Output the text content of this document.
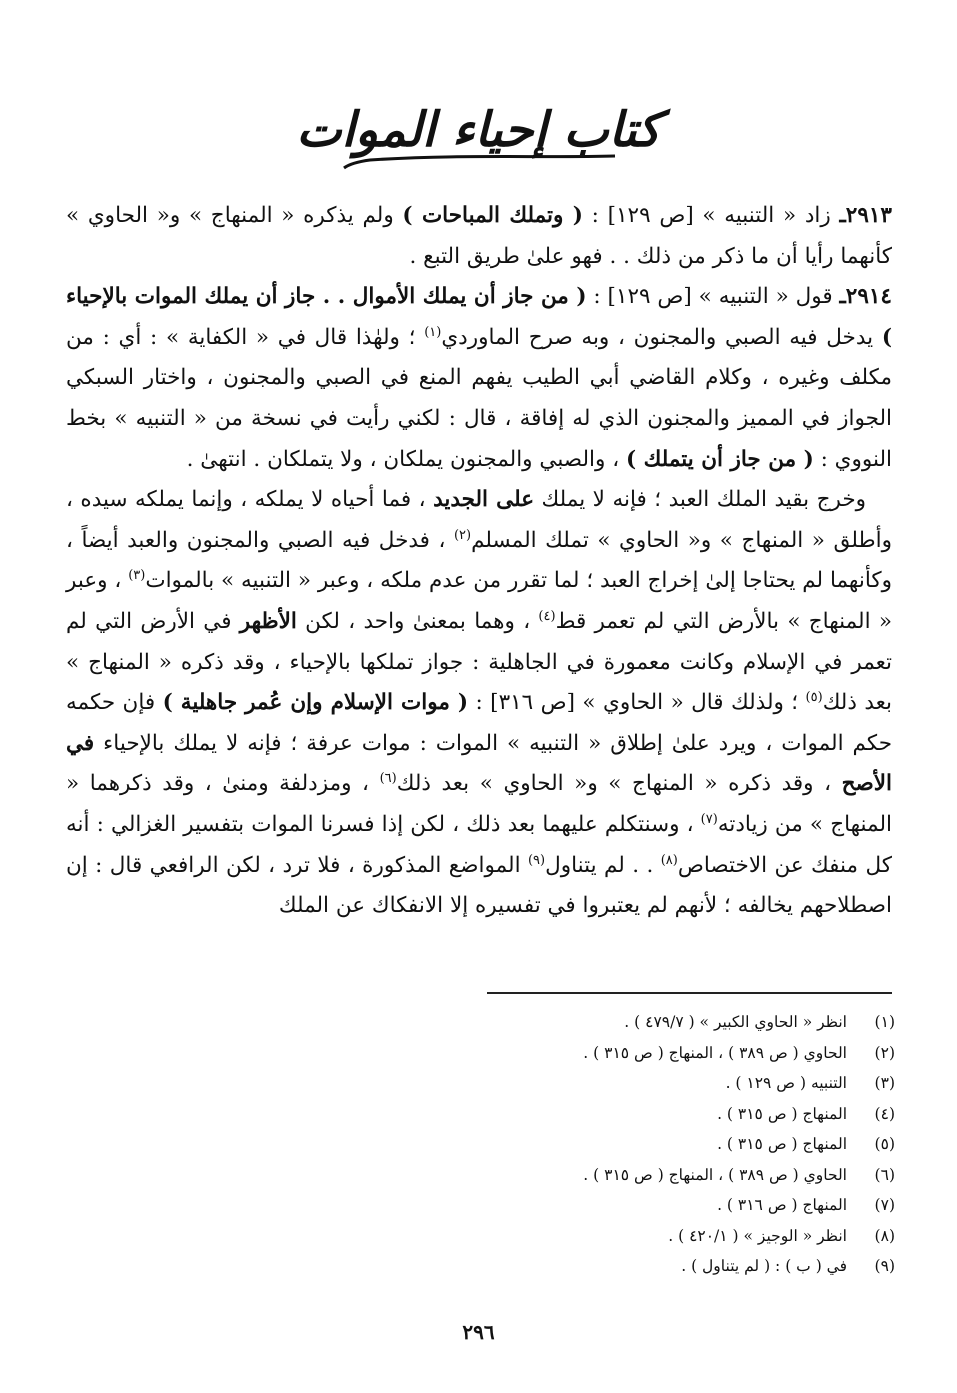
كتاب إحياء الموات

٢٩١٣ـ زاد « التنبيه » [ص ١٢٩] : ( وتملك المباحات ) ولم يذكره « المنهاج » و« الحاوي » كأنهما رأيا أن ما ذكر من ذلك . . فهو علىٰ طريق التبع .

٢٩١٤ـ قول « التنبيه » [ص ١٢٩] : ( من جاز أن يملك الأموال . . جاز أن يملك الموات بالإحياء ) يدخل فيه الصبي والمجنون ، وبه صرح الماوردي$^{(١)}$ ؛ ولهٰذا قال في « الكفاية » : أي : من مكلف وغيره ، وكلام القاضي أبي الطيب يفهم المنع في الصبي والمجنون ، واختار السبكي الجواز في المميز والمجنون الذي له إفاقة ، قال : لكني رأيت في نسخة من « التنبيه » بخط النووي : ( من جاز أن يتملك ) ، والصبي والمجنون يملكان ، ولا يتملكان . انتهىٰ .

وخرج بقيد الملك العبد ؛ فإنه لا يملك على الجديد ، فما أحياه لا يملكه ، وإنما يملكه سيده ، وأطلق « المنهاج » و« الحاوي » تملك المسلم$^{(٢)}$ ، فدخل فيه الصبي والمجنون والعبد أيضاً ، وكأنهما لم يحتاجا إلىٰ إخراج العبد ؛ لما تقرر من عدم ملكه ، وعبر « التنبيه » بالموات$^{(٣)}$ ، وعبر « المنهاج » بالأرض التي لم تعمر قط$^{(٤)}$ ، وهما بمعنىٰ واحد ، لكن الأظهر في الأرض التي لم تعمر في الإسلام وكانت معمورة في الجاهلية : جواز تملكها بالإحياء ، وقد ذكره « المنهاج » بعد ذلك$^{(٥)}$ ؛ ولذلك قال « الحاوي » [ص ٣١٦] : ( موات الإسلام وإن عُمر جاهلية ) فإن حكمه حكم الموات ، ويرد علىٰ إطلاق « التنبيه » الموات : موات عرفة ؛ فإنه لا يملك بالإحياء في الأصح ، وقد ذكره « المنهاج » و« الحاوي » بعد ذلك$^{(٦)}$ ، ومزدلفة ومنىٰ ، وقد ذكرهما « المنهاج » من زيادته$^{(٧)}$ ، وسنتكلم عليهما بعد ذلك ، لكن إذا فسرنا الموات بتفسير الغزالي : أنه كل منفك عن الاختصاص$^{(٨)}$ . . لم يتناول$^{(٩)}$ المواضع المذكورة ، فلا ترد ، لكن الرافعي قال : إن اصطلاحهم يخالفه ؛ لأنهم لم يعتبروا في تفسيره إلا الانفكاك عن الملك

(١)
انظر « الحاوي الكبير » ( ٤٧٩/٧ ) .
(٢)
الحاوي ( ص ٣٨٩ ) ، المنهاج ( ص ٣١٥ ) .
(٣)
التنبيه ( ص ١٢٩ ) .
(٤)
المنهاج ( ص ٣١٥ ) .
(٥)
المنهاج ( ص ٣١٥ ) .
(٦)
الحاوي ( ص ٣٨٩ ) ، المنهاج ( ص ٣١٥ ) .
(٧)
المنهاج ( ص ٣١٦ ) .
(٨)
انظر « الوجيز » ( ٤٢٠/١ ) .
(٩)
في ( ب ) : ( لم يتناول ) .
٢٩٦
